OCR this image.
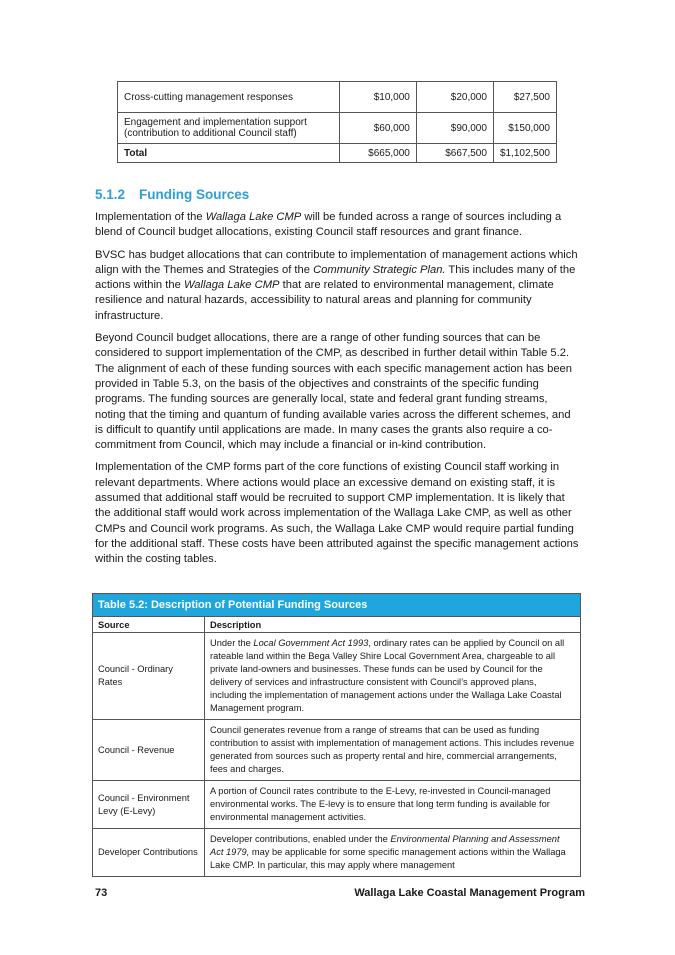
Cross-cutting management responses	$10,000	$20,000	$27,500
Engagement and implementation support (contribution to additional Council staff)	$60,000	$90,000	$150,000
Total	$665,000	$667,500	$1,102,500
5.1.2 Funding Sources

Implementation of the Wallaga Lake CMP will be funded across a range of sources including a blend of Council budget allocations, existing Council staff resources and grant finance.

BVSC has budget allocations that can contribute to implementation of management actions which align with the Themes and Strategies of the Community Strategic Plan. This includes many of the actions within the Wallaga Lake CMP that are related to environmental management, climate resilience and natural hazards, accessibility to natural areas and planning for community infrastructure.

Beyond Council budget allocations, there are a range of other funding sources that can be considered to support implementation of the CMP, as described in further detail within Table 5.2. The alignment of each of these funding sources with each specific management action has been provided in Table 5.3, on the basis of the objectives and constraints of the specific funding programs. The funding sources are generally local, state and federal grant funding streams, noting that the timing and quantum of funding available varies across the different schemes, and is difficult to quantify until applications are made. In many cases the grants also require a co-commitment from Council, which may include a financial or in-kind contribution.

Implementation of the CMP forms part of the core functions of existing Council staff working in relevant departments. Where actions would place an excessive demand on existing staff, it is assumed that additional staff would be recruited to support CMP implementation. It is likely that the additional staff would work across implementation of the Wallaga Lake CMP, as well as other CMPs and Council work programs. As such, the Wallaga Lake CMP would require partial funding for the additional staff. These costs have been attributed against the specific management actions within the costing tables.

Table 5.2: Description of Potential Funding Sources	
Source	Description
Council - Ordinary Rates	Under the Local Government Act 1993, ordinary rates can be applied by Council on all rateable land within the Bega Valley Shire Local Government Area, chargeable to all private land-owners and businesses. These funds can be used by Council for the delivery of services and infrastructure consistent with Council’s approved plans, including the implementation of management actions under the Wallaga Lake Coastal Management program.
Council - Revenue	Council generates revenue from a range of streams that can be used as funding contribution to assist with implementation of management actions. This includes revenue generated from sources such as property rental and hire, commercial arrangements, fees and charges.
Council - Environment Levy (E-Levy)	A portion of Council rates contribute to the E-Levy, re-invested in Council-managed environmental works. The E-levy is to ensure that long term funding is available for environmental management activities.
Developer Contributions	Developer contributions, enabled under the Environmental Planning and Assessment Act 1979, may be applicable for some specific management actions within the Wallaga Lake CMP. In particular, this may apply where management
73	Wallaga Lake Coastal Management Program
